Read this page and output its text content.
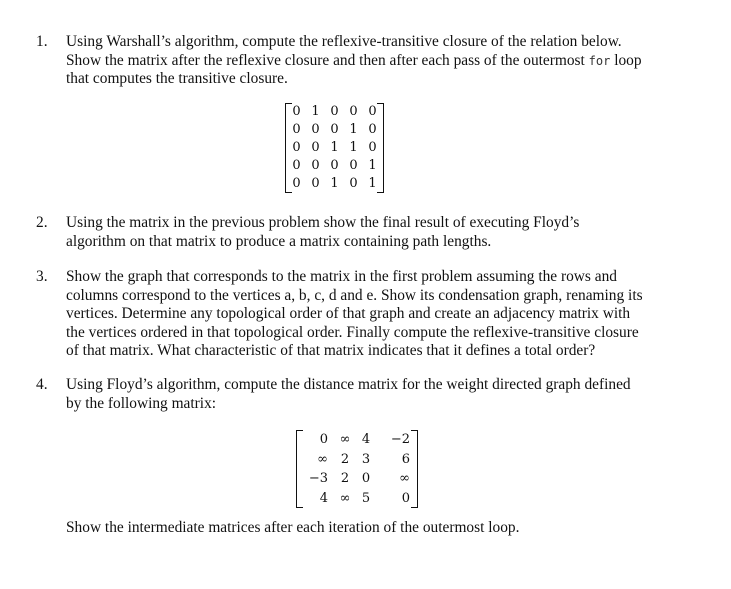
1.	Using Warshall’s algorithm, compute the reflexive-transitive closure of the relation below.
Show the matrix after the reflexive closure and then after each pass of the outermost for loop
that computes the transitive closure.
0	1	0	0	0
0	0	0	1	0
0	0	1	1	0
0	0	0	0	1
0	0	1	0	1
2.	Using the matrix in the previous problem show the final result of executing Floyd’s
algorithm on that matrix to produce a matrix containing path lengths.
3.	Show the graph that corresponds to the matrix in the first problem assuming the rows and
columns correspond to the vertices a, b, c, d and e. Show its condensation graph, renaming its
vertices. Determine any topological order of that graph and create an adjacency matrix with
the vertices ordered in that topological order. Finally compute the reflexive-transitive closure
of that matrix. What characteristic of that matrix indicates that it defines a total order?
4.	Using Floyd’s algorithm, compute the distance matrix for the weight directed graph defined
by the following matrix:
0	∞	4	−2
∞	2	3	6
−3	2	0	∞
4	∞	5	0
Show the intermediate matrices after each iteration of the outermost loop.
